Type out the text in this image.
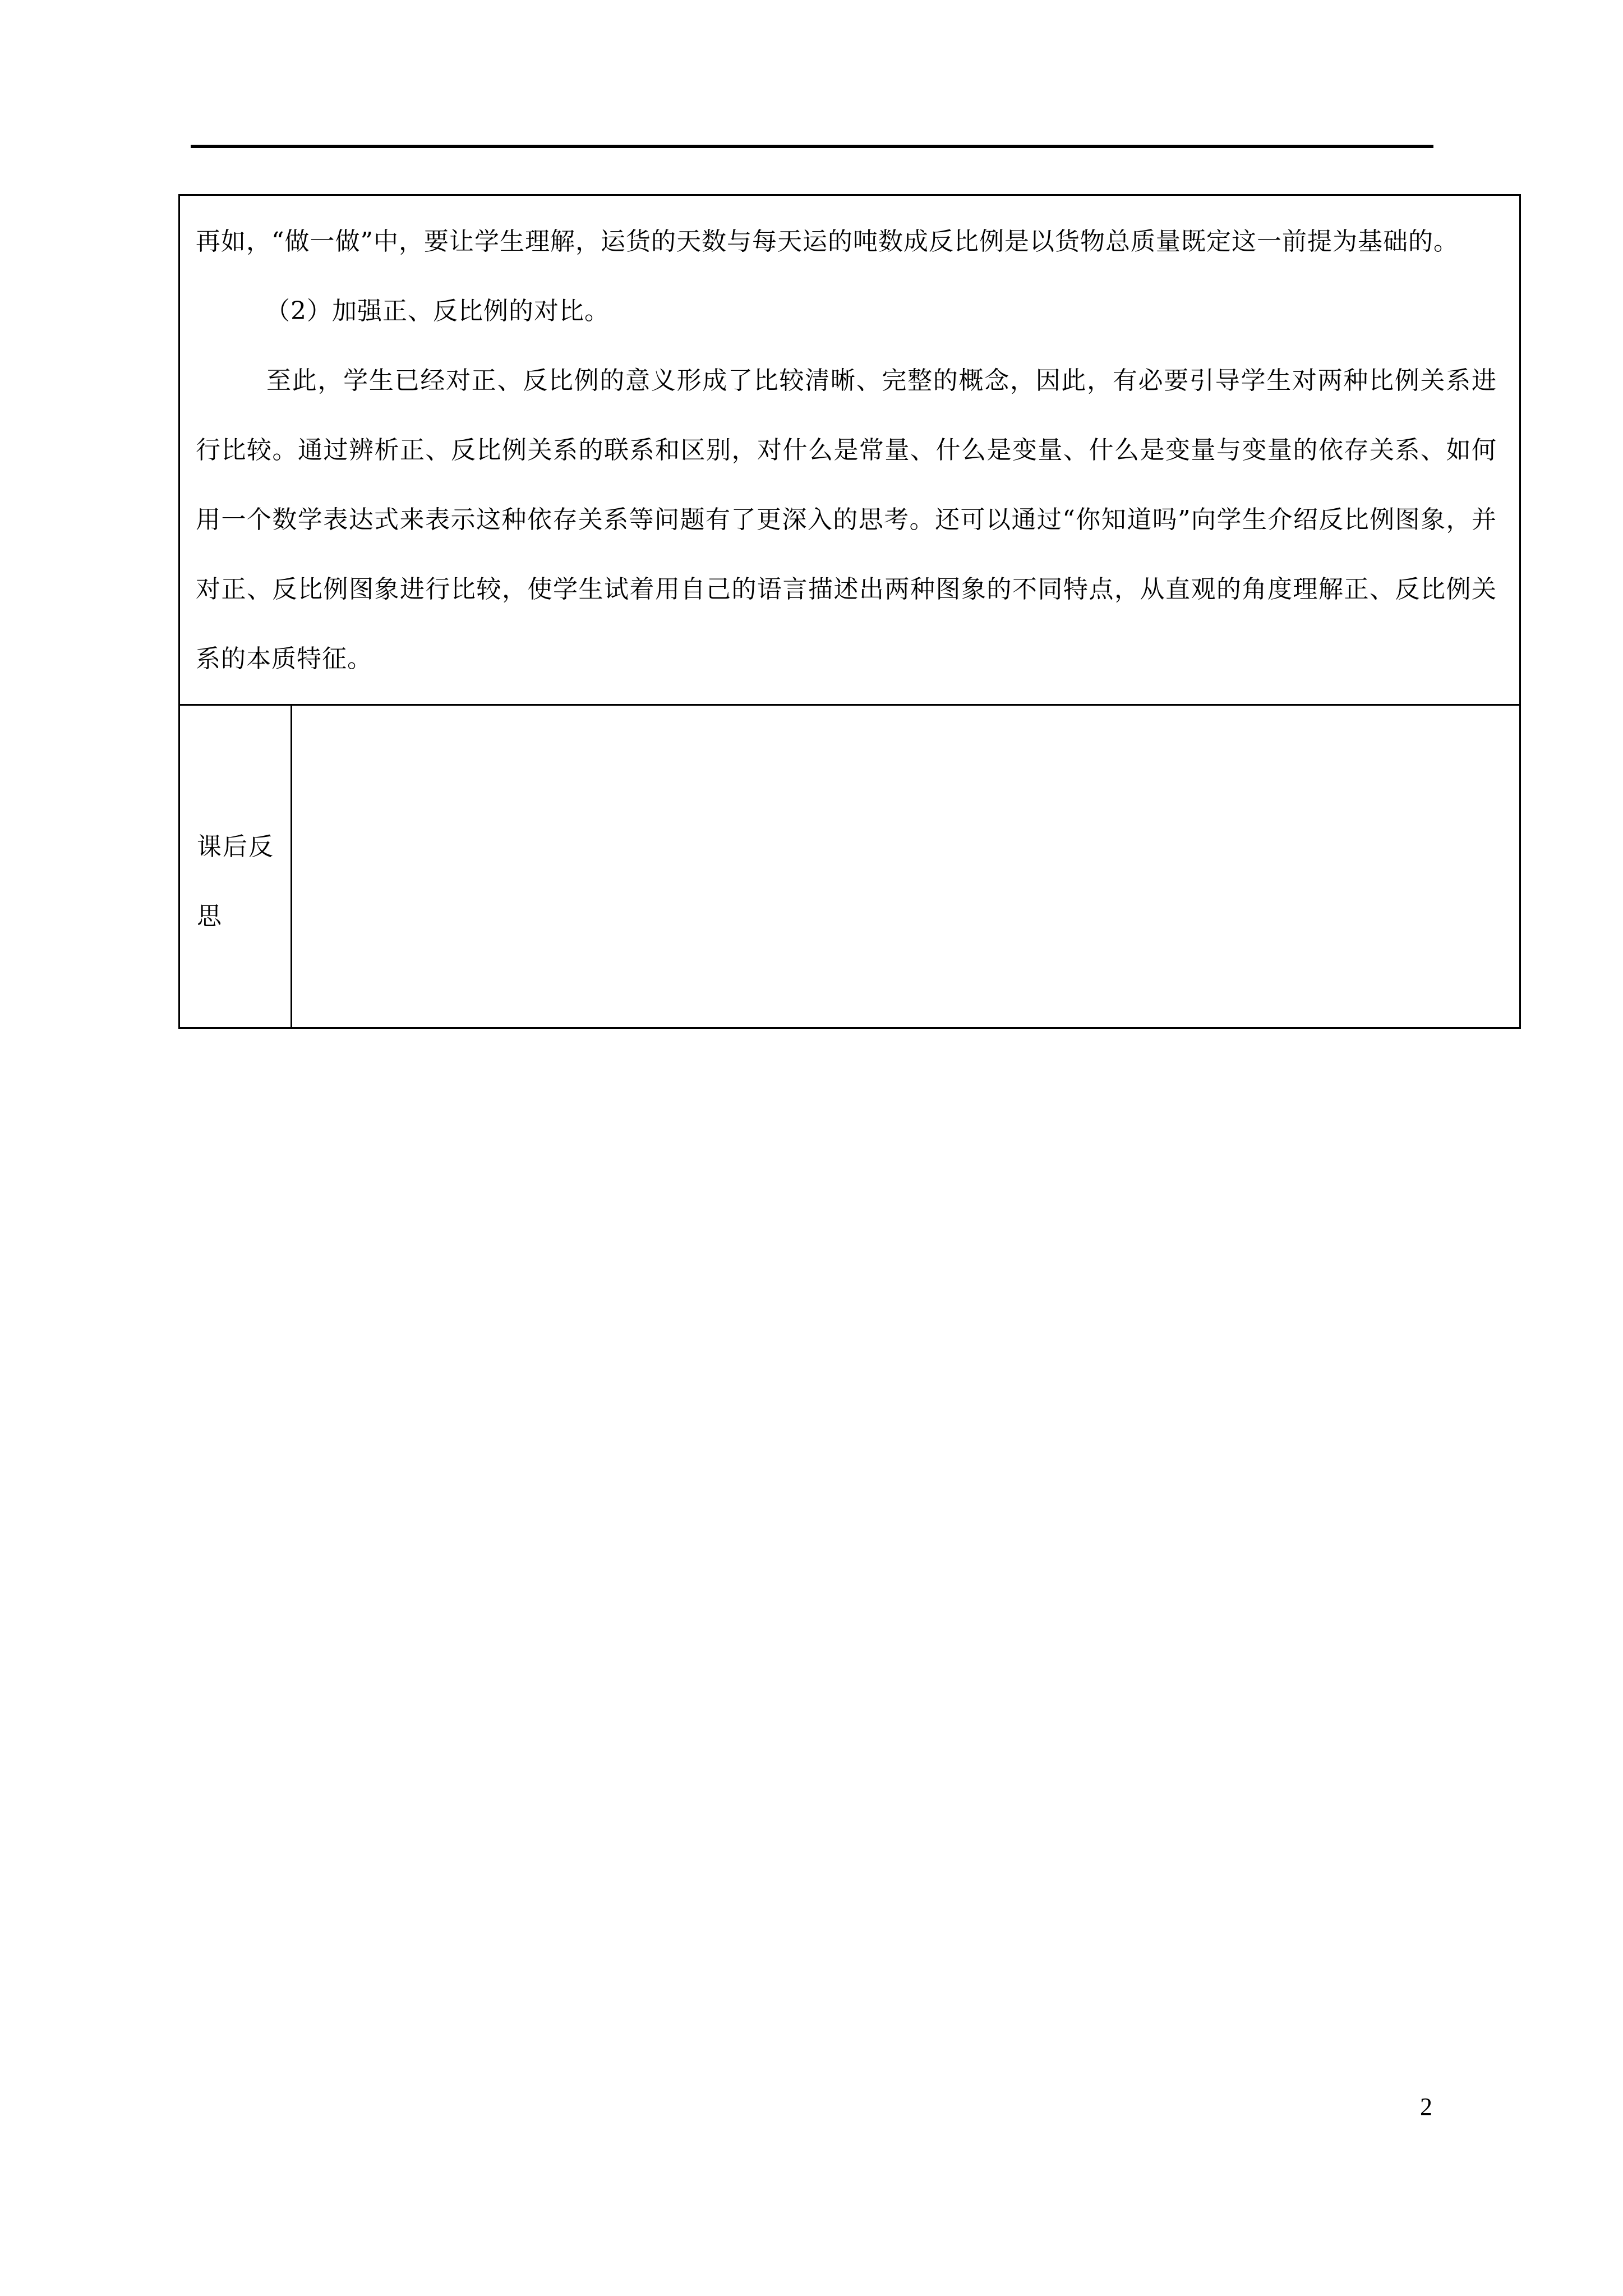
再如，“做一做”中，要让学生理解，运货的天数与每天运的吨数成反比例是以货物总质量既定这一前提为基础的。

（2）加强正、反比例的对比。

至此，学生已经对正、反比例的意义形成了比较清晰、完整的概念，因此，有必要引导学生对两种比例关系进行比较。通过辨析正、反比例关系的联系和区别，对什么是常量、什么是变量、什么是变量与变量的依存关系、如何用一个数学表达式来表示这种依存关系等问题有了更深入的思考。还可以通过“你知道吗”向学生介绍反比例图象，并对正、反比例图象进行比较，使学生试着用自己的语言描述出两种图象的不同特点，从直观的角度理解正、反比例关系的本质特征。

课后反思
2
